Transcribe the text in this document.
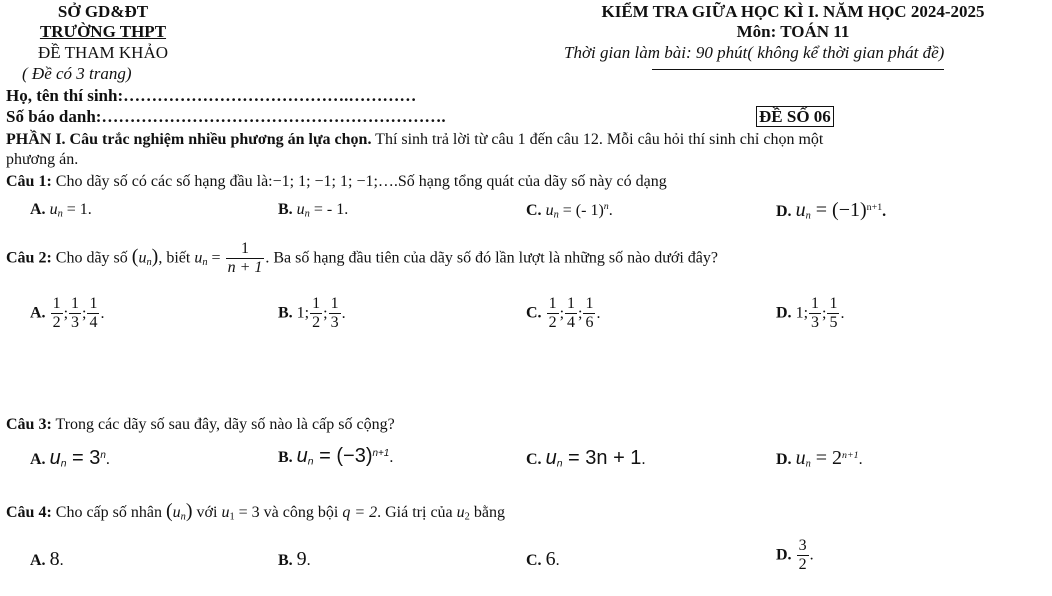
SỞ GD&ĐT
TRƯỜNG THPT
ĐỀ THAM KHẢO
( Đề có 3 trang)
KIỂM TRA GIỮA HỌC KÌ I. NĂM HỌC 2024-2025
Môn: TOÁN 11
Thời gian làm bài: 90 phút( không kể thời gian phát đề)
Họ, tên thí sinh:………………………………….…………
Số báo danh:…………………………………………………….	ĐỀ SỐ 06
PHẦN I. Câu trắc nghiệm nhiều phương án lựa chọn. Thí sinh trả lời từ câu 1 đến câu 12. Mỗi câu hỏi thí sinh chỉ chọn một
phương án.
Câu 1: Cho dãy số có các số hạng đầu là:−1; 1; −1; 1; −1;….Số hạng tổng quát của dãy số này có dạng
A. $u_n = 1$.	B. $u_n$ = - 1.	C. $u_n$ = (- 1)$^n$.	D. $u_n = (-1)^{n+1}$.
Câu 2: Cho dãy số $(u_n)$, biết $u_n = \frac{1}{n + 1}$ . Ba số hạng đầu tiên của dãy số đó lần lượt là những số nào dưới đây?
A. $\frac{1}{2}$ ; $\frac{1}{3}$ ; $\frac{1}{4}$ .	B. 1; $\frac{1}{2}$ ; $\frac{1}{3}$ .	C. $\frac{1}{2}$ ; $\frac{1}{4}$ ; $\frac{1}{6}$ .	D. 1; $\frac{1}{3}$ ; $\frac{1}{5}$ .
Câu 3: Trong các dãy số sau đây, dãy số nào là cấp số cộng?
A. $u_n = 3^n$.	B. $u_n = (-3)^{n+1}$.	C. $u_n = 3n + 1$.	D. $u_n = 2^{n+1}$.
Câu 4: Cho cấp số nhân $(u_n)$ với $u_1 = 3$ và công bội q = 2. Giá trị của $u_2$ bằng
A. 8.	B. 9.	C. 6.	D. $\frac{3}{2}$ .
